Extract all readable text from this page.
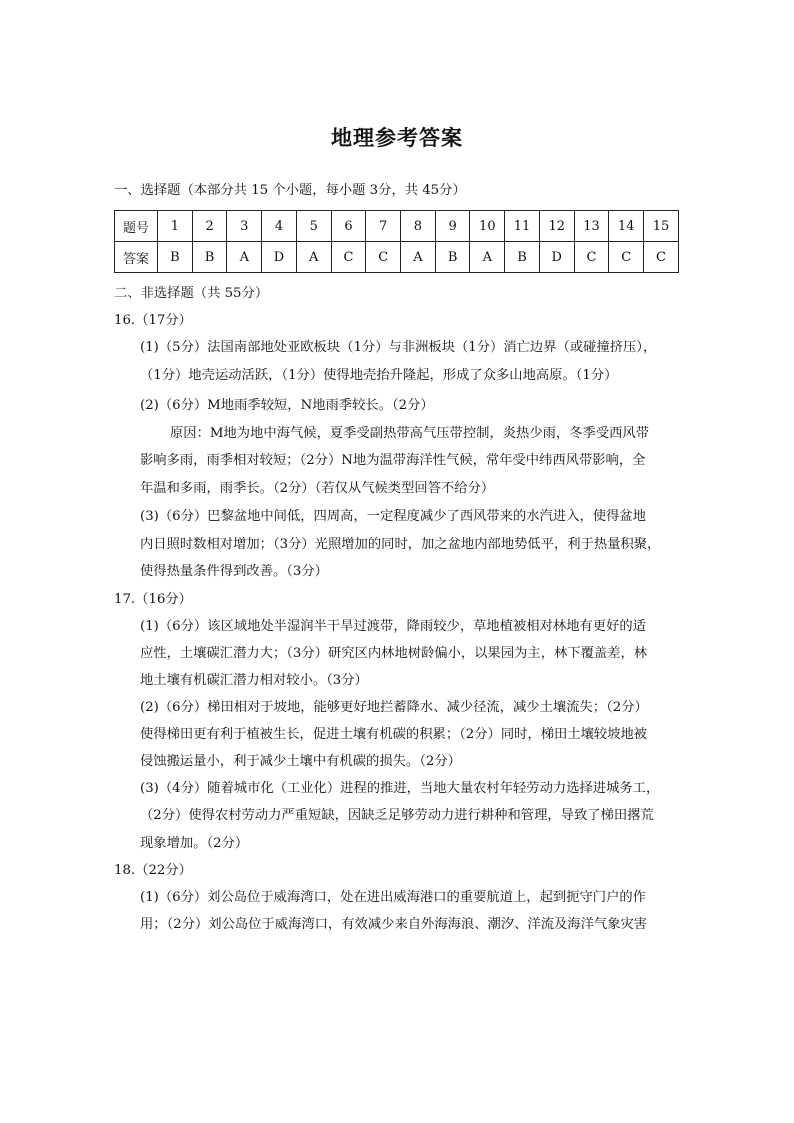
地理参考答案
一、选择题（本部分共 15 个小题，每小题 3分，共 45分）
题号	1	2	3	4	5	6	7	8	9	10	11	12	13	14	15
答案	B	B	A	D	A	C	C	A	B	A	B	D	C	C	C
二、非选择题（共 55分）
16.（17分）
(1)（5分）法国南部地处亚欧板块（1分）与非洲板块（1分）消亡边界（或碰撞挤压），
（1分）地壳运动活跃，（1分）使得地壳抬升隆起，形成了众多山地高原。（1分）
(2)（6分）M地雨季较短，N地雨季较长。（2分）
原因：M地为地中海气候，夏季受副热带高气压带控制，炎热少雨，冬季受西风带
影响多雨，雨季相对较短；（2分）N地为温带海洋性气候，常年受中纬西风带影响，全
年温和多雨，雨季长。（2分）（若仅从气候类型回答不给分）
(3)（6分）巴黎盆地中间低，四周高，一定程度减少了西风带来的水汽进入，使得盆地
内日照时数相对增加；（3分）光照增加的同时，加之盆地内部地势低平，利于热量积聚，
使得热量条件得到改善。（3分）
17.（16分）
(1)（6分）该区域地处半湿润半干旱过渡带，降雨较少，草地植被相对林地有更好的适
应性，土壤碳汇潜力大；（3分）研究区内林地树龄偏小，以果园为主，林下覆盖差，林
地土壤有机碳汇潜力相对较小。（3分）
(2)（6分）梯田相对于坡地，能够更好地拦蓄降水、减少径流，减少土壤流失；（2分）
使得梯田更有利于植被生长，促进土壤有机碳的积累；（2分）同时，梯田土壤较坡地被
侵蚀搬运量小，利于减少土壤中有机碳的损失。（2分）
(3)（4分）随着城市化（工业化）进程的推进，当地大量农村年轻劳动力选择进城务工，
（2分）使得农村劳动力严重短缺，因缺乏足够劳动力进行耕种和管理，导致了梯田撂荒
现象增加。（2分）
18.（22分）
(1)（6分）刘公岛位于威海湾口，处在进出威海港口的重要航道上，起到扼守门户的作
用；（2分）刘公岛位于威海湾口，有效减少来自外海海浪、潮汐、洋流及海洋气象灾害
